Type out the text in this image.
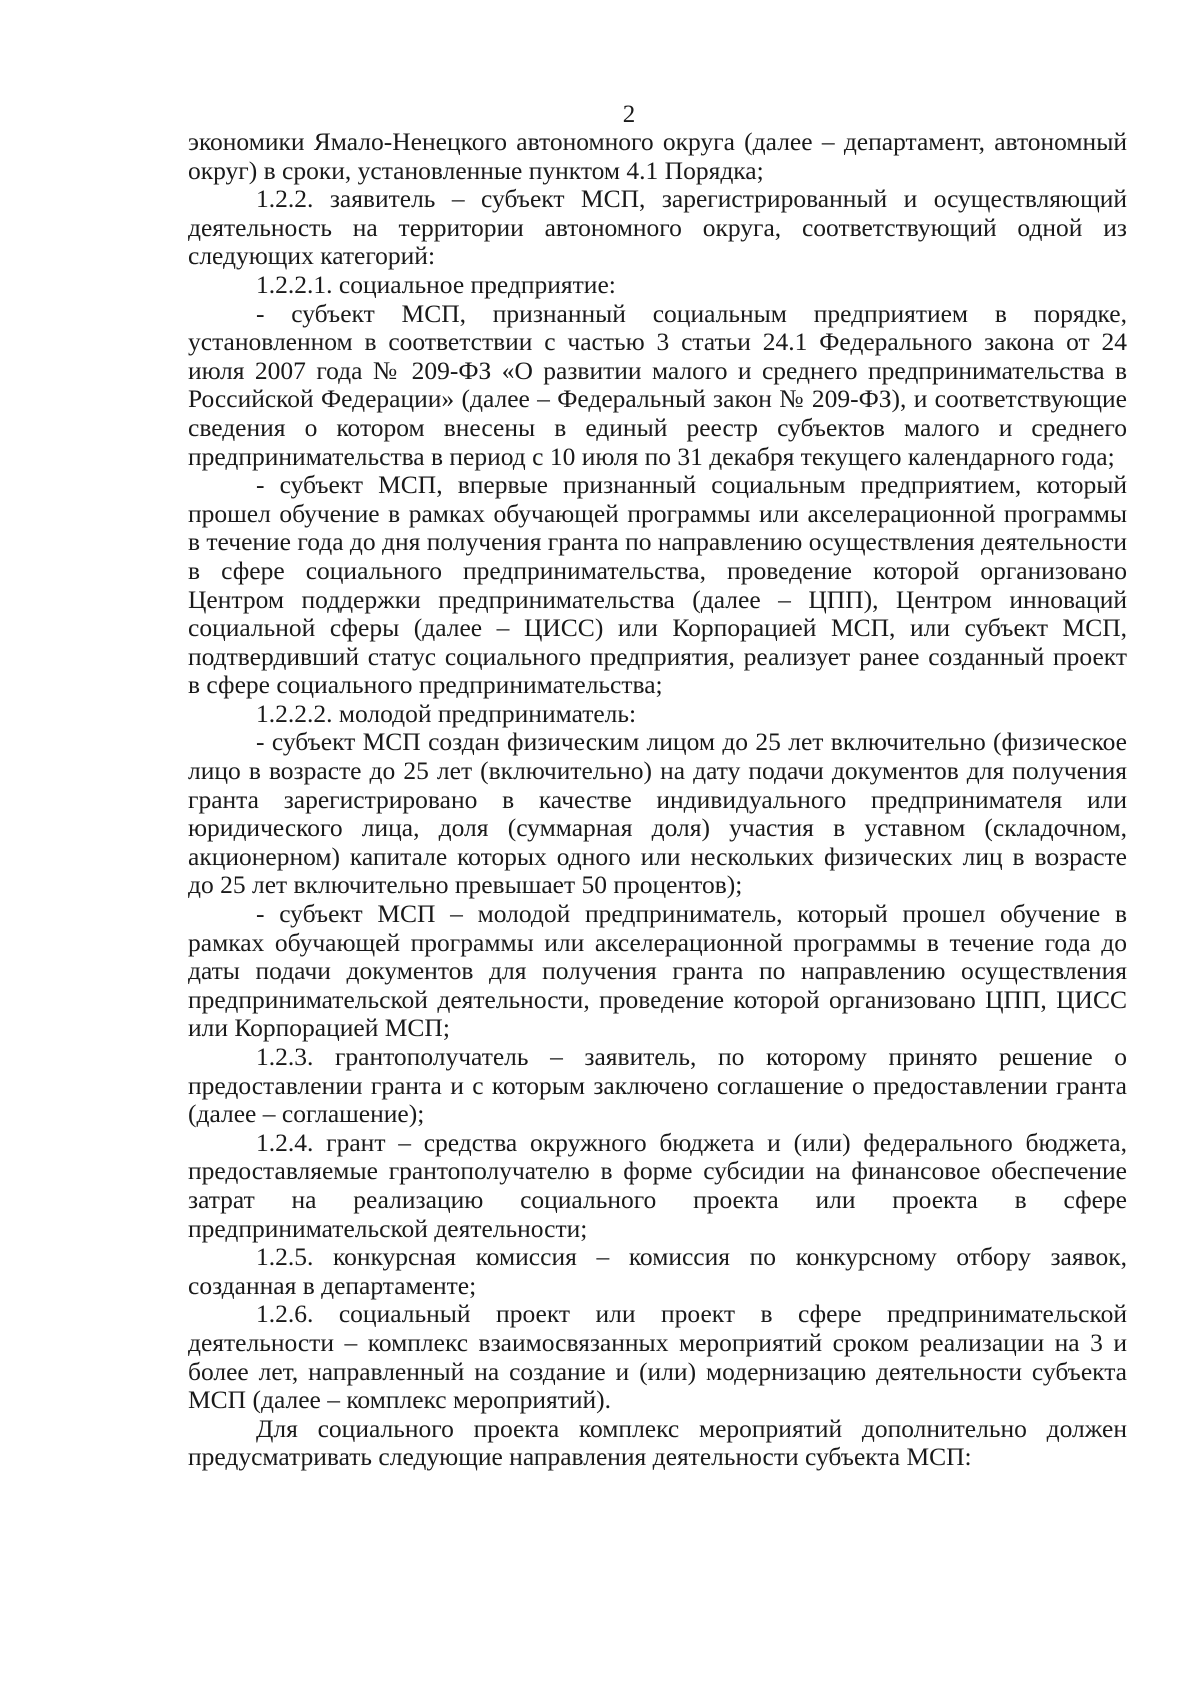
2

экономики Ямало-Ненецкого автономного округа (далее – департамент, автономный округ) в сроки, установленные пунктом 4.1 Порядка;

1.2.2. заявитель – субъект МСП, зарегистрированный и осуществляющий деятельность на территории автономного округа, соответствующий одной из следующих категорий:

1.2.2.1. социальное предприятие:

- субъект МСП, признанный социальным предприятием в порядке, установленном в соответствии с частью 3 статьи 24.1 Федерального закона от 24 июля 2007 года № 209-ФЗ «О развитии малого и среднего предпринимательства в Российской Федерации» (далее – Федеральный закон № 209-ФЗ), и соответствующие сведения о котором внесены в единый реестр субъектов малого и среднего предпринимательства в период с 10 июля по 31 декабря текущего календарного года;

- субъект МСП, впервые признанный социальным предприятием, который прошел обучение в рамках обучающей программы или акселерационной программы в течение года до дня получения гранта по направлению осуществления деятельности в сфере социального предпринимательства, проведение которой организовано Центром поддержки предпринимательства (далее – ЦПП), Центром инноваций социальной сферы (далее – ЦИСС) или Корпорацией МСП, или субъект МСП, подтвердивший статус социального предприятия, реализует ранее созданный проект в сфере социального предпринимательства;

1.2.2.2. молодой предприниматель:

- субъект МСП создан физическим лицом до 25 лет включительно (физическое лицо в возрасте до 25 лет (включительно) на дату подачи документов для получения гранта зарегистрировано в качестве индивидуального предпринимателя или юридического лица, доля (суммарная доля) участия в уставном (складочном, акционерном) капитале которых одного или нескольких физических лиц в возрасте до 25 лет включительно превышает 50 процентов);

- субъект МСП – молодой предприниматель, который прошел обучение в рамках обучающей программы или акселерационной программы в течение года до даты подачи документов для получения гранта по направлению осуществления предпринимательской деятельности, проведение которой организовано ЦПП, ЦИСС или Корпорацией МСП;

1.2.3. грантополучатель – заявитель, по которому принято решение о предоставлении гранта и с которым заключено соглашение о предоставлении гранта (далее – соглашение);

1.2.4. грант – средства окружного бюджета и (или) федерального бюджета, предоставляемые грантополучателю в форме субсидии на финансовое обеспечение затрат на реализацию социального проекта или проекта в сфере предпринимательской деятельности;

1.2.5. конкурсная комиссия – комиссия по конкурсному отбору заявок, созданная в департаменте;

1.2.6. социальный проект или проект в сфере предпринимательской деятельности – комплекс взаимосвязанных мероприятий сроком реализации на 3 и более лет, направленный на создание и (или) модернизацию деятельности субъекта МСП (далее – комплекс мероприятий).

Для социального проекта комплекс мероприятий дополнительно должен предусматривать следующие направления деятельности субъекта МСП:
